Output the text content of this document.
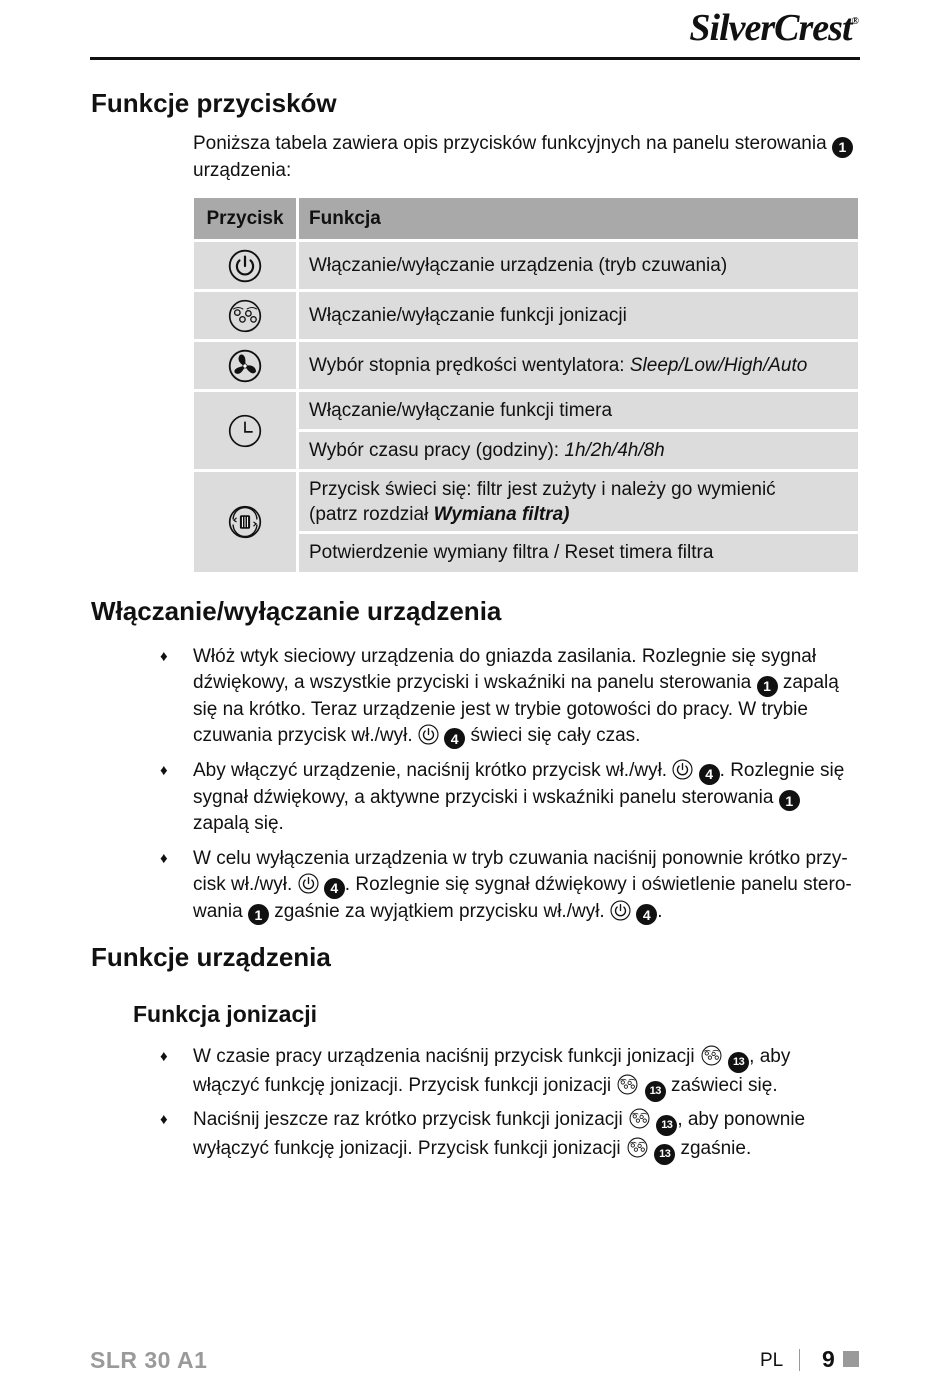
SilverCrest®
Funkcje przycisków
Poniższa tabela zawiera opis przycisków funkcyjnych na panelu sterowania 1 urządzenia:
Przycisk	Funkcja

	Włączanie/wyłączanie urządzenia (tryb czuwania)

	Włączanie/wyłączanie funkcji jonizacji

	Wybór stopnia prędkości wentylatora: Sleep/Low/High/Auto

	Włączanie/wyłączanie funkcji timera
	Wybór czasu pracy (godziny): 1h/2h/4h/8h

	Przycisk świeci się: filtr jest zużyty i należy go wymienić
(patrz rozdział Wymiana filtra)
	Potwierdzenie wymiany filtra / Reset timera filtra
Włączanie/wyłączanie urządzenia
♦ Włóż wtyk sieciowy urządzenia do gniazda zasilania. Rozlegnie się sygnał dźwiękowy, a wszystkie przyciski i wskaźniki na panelu sterowania 1 zapalą się na krótko. Teraz urządzenie jest w trybie gotowości do pracy. W trybie czuwania przycisk wł./wył.	4 świeci się cały czas.
♦ Aby włączyć urządzenie, naciśnij krótko przycisk wł./wył.	4 . Rozlegnie się sygnał dźwiękowy, a aktywne przyciski i wskaźniki panelu sterowania 1 zapalą się.
♦ W celu wyłączenia urządzenia w tryb czuwania naciśnij ponownie krótko przy-cisk wł./wył.	4 . Rozlegnie się sygnał dźwiękowy i oświetlenie panelu stero-wania 1 zgaśnie za wyjątkiem przycisku wł./wył.	4 .
Funkcje urządzenia
Funkcja jonizacji
♦ W czasie pracy urządzenia naciśnij przycisk funkcji jonizacji	13 , aby włączyć funkcję jonizacji. Przycisk funkcji jonizacji	13 zaświeci się.
♦ Naciśnij jeszcze raz krótko przycisk funkcji jonizacji	13 , aby ponownie wyłączyć funkcję jonizacji. Przycisk funkcji jonizacji	13 zgaśnie.
SLR 30 A1	PL 9
